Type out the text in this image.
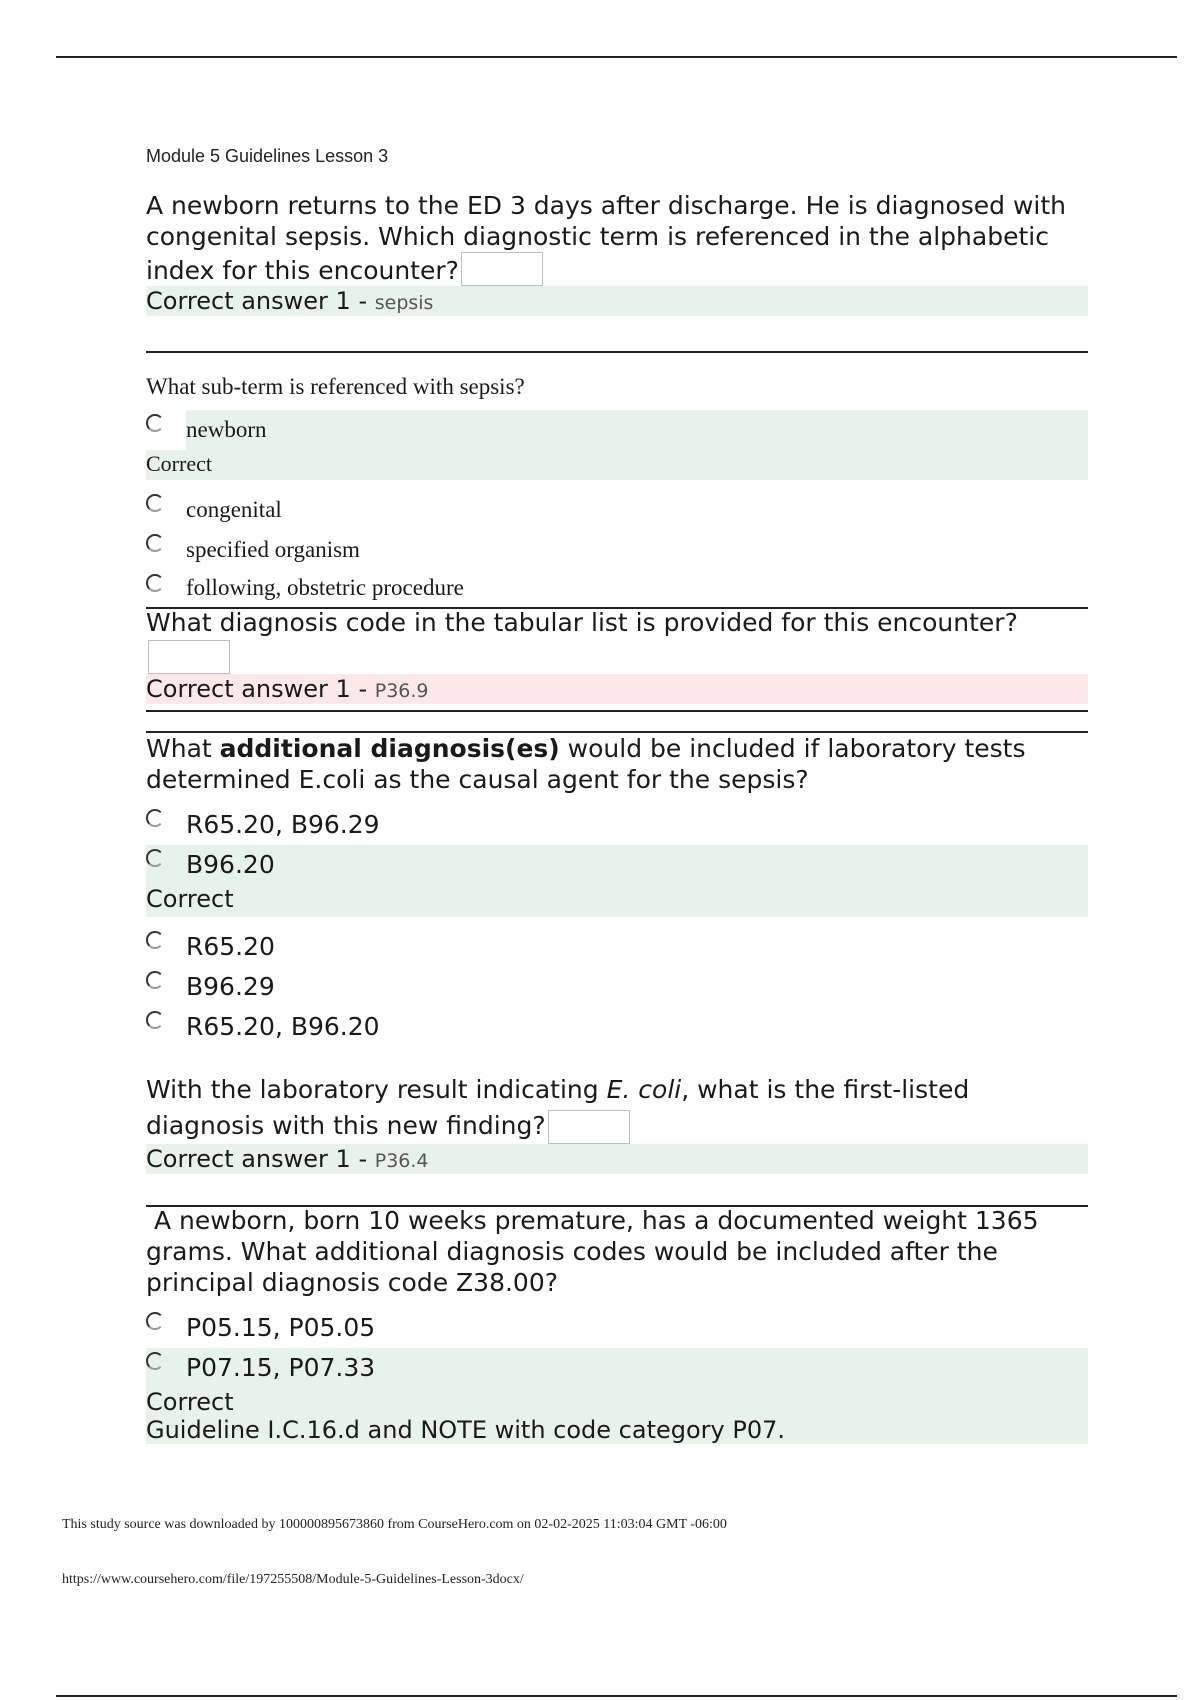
Module 5 Guidelines Lesson 3
A newborn returns to the ED 3 days after discharge. He is diagnosed with congenital sepsis. Which diagnostic term is referenced in the alphabetic index for this encounter?
Correct answer 1 - sepsis
What sub-term is referenced with sepsis?
newborn
Correct
congenital
specified organism
following, obstetric procedure
What diagnosis code in the tabular list is provided for this encounter?
Correct answer 1 - P36.9
What additional diagnosis(es) would be included if laboratory tests determined E.coli as the causal agent for the sepsis?
R65.20, B96.29
B96.20
Correct
R65.20
B96.29
R65.20, B96.20
With the laboratory result indicating E. coli, what is the first-listed diagnosis with this new finding?
Correct answer 1 - P36.4
A newborn, born 10 weeks premature, has a documented weight 1365 grams. What additional diagnosis codes would be included after the principal diagnosis code Z38.00?
P05.15, P05.05
P07.15, P07.33
Correct
Guideline I.C.16.d and NOTE with code category P07.
This study source was downloaded by 100000895673860 from CourseHero.com on 02-02-2025 11:03:04 GMT -06:00
https://www.coursehero.com/file/197255508/Module-5-Guidelines-Lesson-3docx/
